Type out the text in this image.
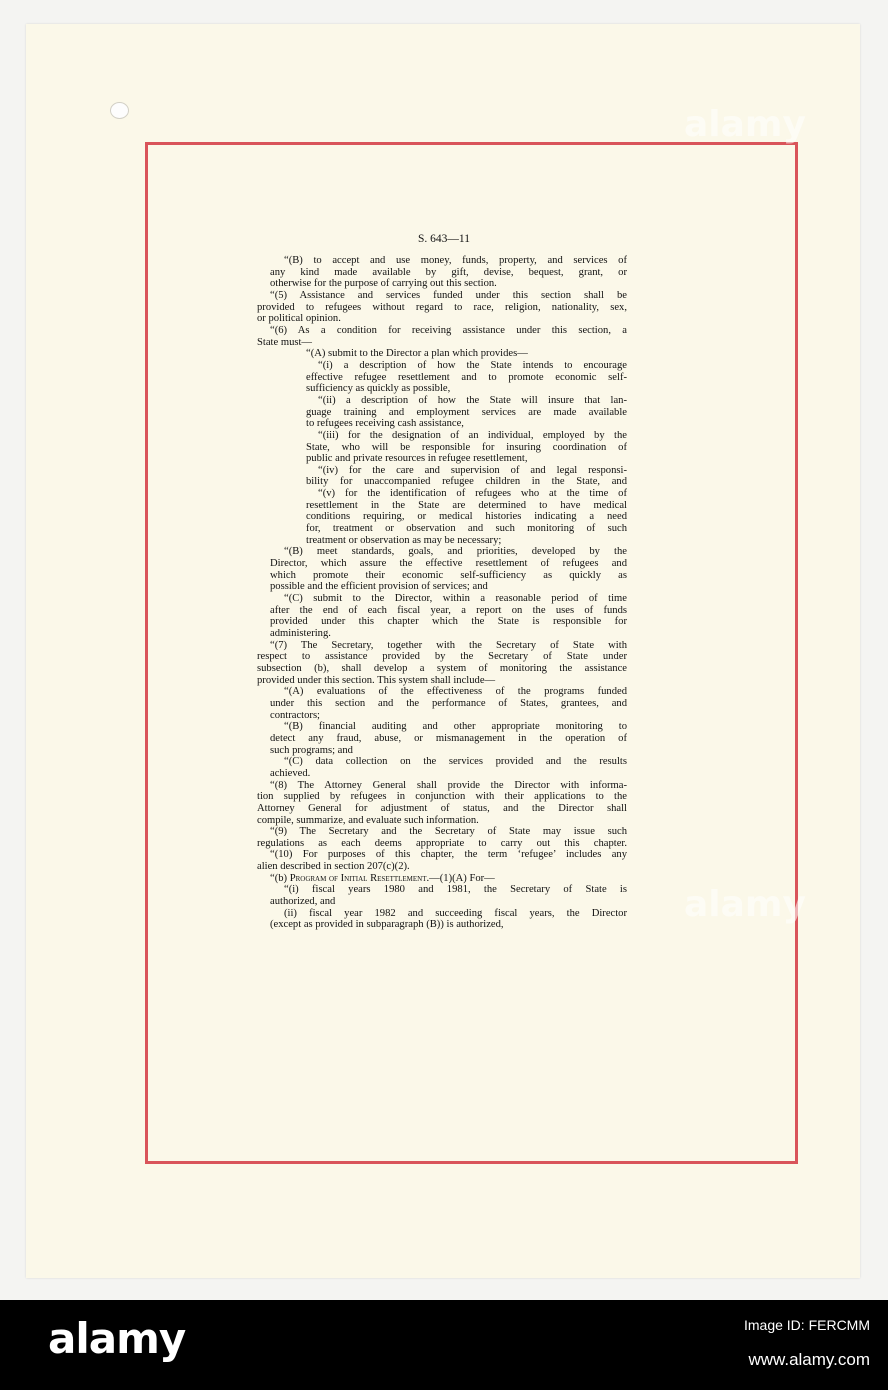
S. 643—11
“(B) to accept and use money, funds, property, and services of
any kind made available by gift, devise, bequest, grant, or
otherwise for the purpose of carrying out this section.
“(5) Assistance and services funded under this section shall be
provided to refugees without regard to race, religion, nationality, sex,
or political opinion.
“(6) As a condition for receiving assistance under this section, a
State must—
“(A) submit to the Director a plan which provides—
“(i) a description of how the State intends to encourage
effective refugee resettlement and to promote economic self-
sufficiency as quickly as possible,
“(ii) a description of how the State will insure that lan-
guage training and employment services are made available
to refugees receiving cash assistance,
“(iii) for the designation of an individual, employed by the
State, who will be responsible for insuring coordination of
public and private resources in refugee resettlement,
“(iv) for the care and supervision of and legal responsi-
bility for unaccompanied refugee children in the State, and
“(v) for the identification of refugees who at the time of
resettlement in the State are determined to have medical
conditions requiring, or medical histories indicating a need
for, treatment or observation and such monitoring of such
treatment or observation as may be necessary;
“(B) meet standards, goals, and priorities, developed by the
Director, which assure the effective resettlement of refugees and
which promote their economic self-sufficiency as quickly as
possible and the efficient provision of services; and
“(C) submit to the Director, within a reasonable period of time
after the end of each fiscal year, a report on the uses of funds
provided under this chapter which the State is responsible for
administering.
“(7) The Secretary, together with the Secretary of State with
respect to assistance provided by the Secretary of State under
subsection (b), shall develop a system of monitoring the assistance
provided under this section. This system shall include—
“(A) evaluations of the effectiveness of the programs funded
under this section and the performance of States, grantees, and
contractors;
“(B) financial auditing and other appropriate monitoring to
detect any fraud, abuse, or mismanagement in the operation of
such programs; and
“(C) data collection on the services provided and the results
achieved.
“(8) The Attorney General shall provide the Director with informa-
tion supplied by refugees in conjunction with their applications to the
Attorney General for adjustment of status, and the Director shall
compile, summarize, and evaluate such information.
“(9) The Secretary and the Secretary of State may issue such
regulations as each deems appropriate to carry out this chapter.
“(10) For purposes of this chapter, the term ‘refugee’ includes any
alien described in section 207(c)(2).
“(b) Program of Initial Resettlement.—(1)(A) For—
“(i) fiscal years 1980 and 1981, the Secretary of State is
authorized, and
(ii) fiscal year 1982 and succeeding fiscal years, the Director
(except as provided in subparagraph (B)) is authorized,
alamy
alamy
alamy	Image ID: FERCMM
www.alamy.com
